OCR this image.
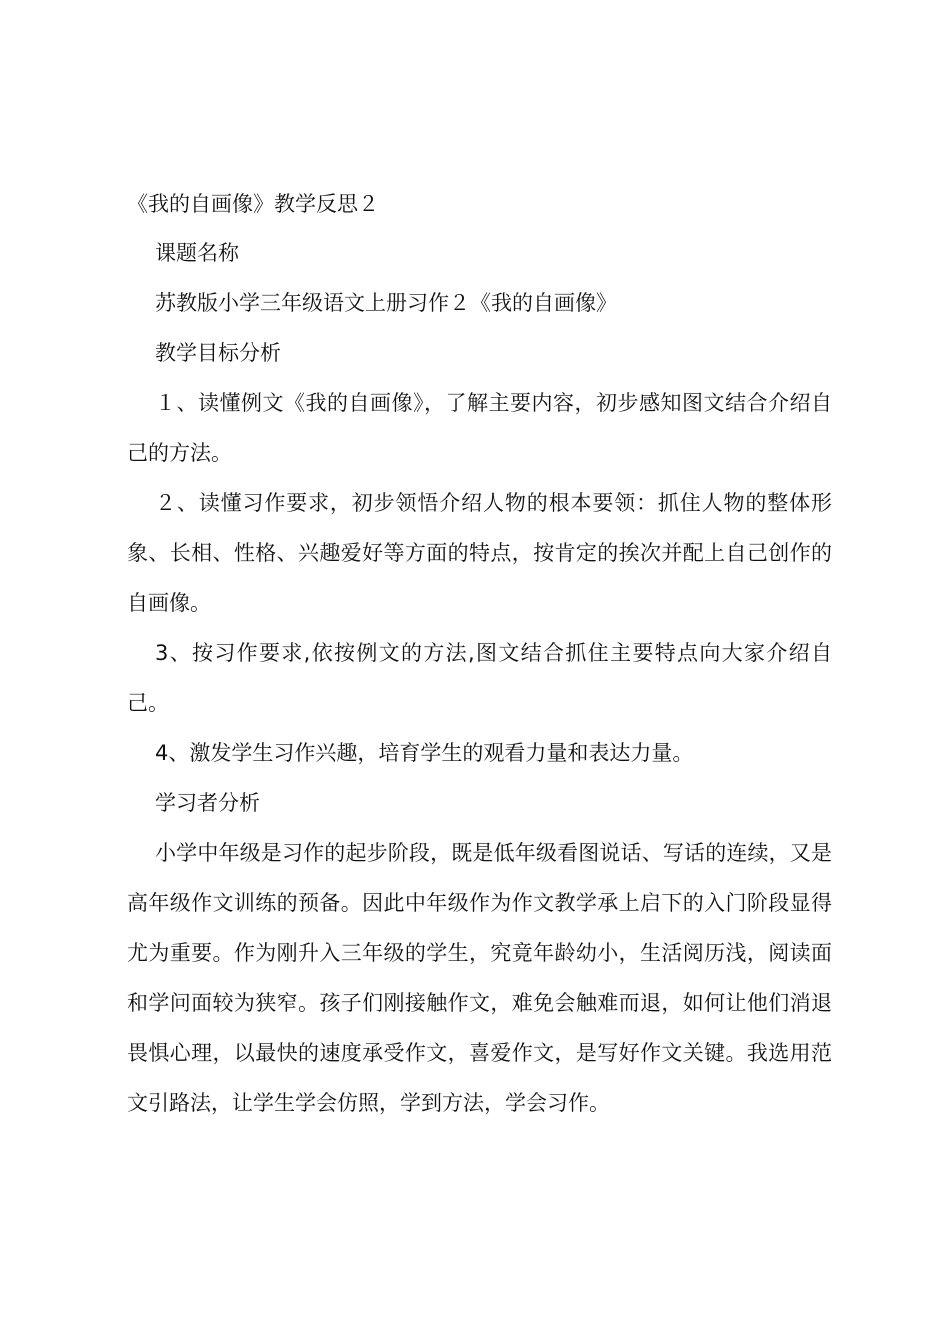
《我的自画像》教学反思２

课题名称

苏教版小学三年级语文上册习作２《我的自画像》

教学目标分析

１、读懂例文《我的自画像》，了解主要内容，初步感知图文结合介绍自己的方法。

２、读懂习作要求，初步领悟介绍人物的根本要领：抓住人物的整体形象、长相、性格、兴趣爱好等方面的特点，按肯定的挨次并配上自己创作的自画像。

3、按习作要求,依按例文的方法,图文结合抓住主要特点向大家介绍自己。

4、激发学生习作兴趣，培育学生的观看力量和表达力量。

学习者分析

小学中年级是习作的起步阶段，既是低年级看图说话、写话的连续，又是高年级作文训练的预备。因此中年级作为作文教学承上启下的入门阶段显得尤为重要。作为刚升入三年级的学生，究竟年龄幼小，生活阅历浅，阅读面和学问面较为狭窄。孩子们刚接触作文，难免会触难而退，如何让他们消退畏惧心理，以最快的速度承受作文，喜爱作文，是写好作文关键。我选用范文引路法，让学生学会仿照，学到方法，学会习作。
